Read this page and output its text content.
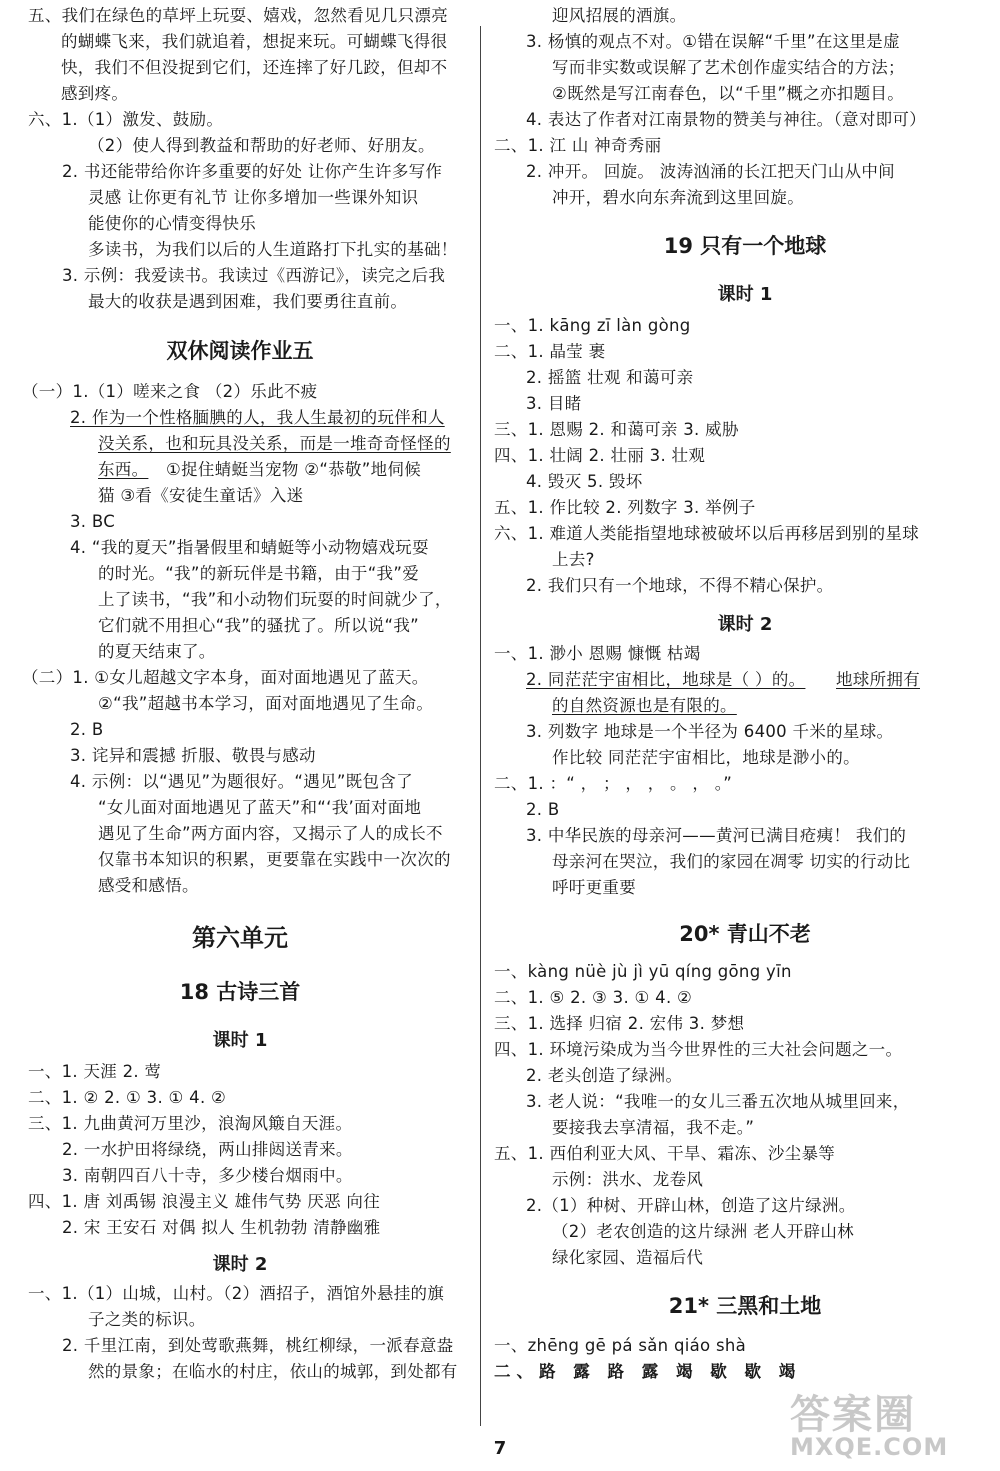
五、我们在绿色的草坪上玩耍、嬉戏，忽然看见几只漂亮
的蝴蝶飞来，我们就追着，想捉来玩。可蝴蝶飞得很
快，我们不但没捉到它们，还连摔了好几跤，但却不
感到疼。
六、1.（1）激发、鼓励。
（2）使人得到教益和帮助的好老师、好朋友。
2. 书还能带给你许多重要的好处 让你产生许多写作
灵感 让你更有礼节 让你多增加一些课外知识
能使你的心情变得快乐
多读书，为我们以后的人生道路打下扎实的基础！
3. 示例：我爱读书。我读过《西游记》，读完之后我
最大的收获是遇到困难，我们要勇往直前。
双休阅读作业五
（一）1.（1）嗟来之食 （2）乐此不疲
2. 作为一个性格腼腆的人，我人生最初的玩伴和人
没关系，也和玩具没关系，而是一堆奇奇怪怪的
东西。 ①捉住蜻蜓当宠物 ②“恭敬”地伺候
猫 ③看《安徒生童话》入迷
3. BC
4. “我的夏天”指暑假里和蜻蜓等小动物嬉戏玩耍
的时光。“我”的新玩伴是书籍，由于“我”爱
上了读书，“我”和小动物们玩耍的时间就少了，
它们就不用担心“我”的骚扰了。所以说“我”
的夏天结束了。
（二）1. ①女儿超越文字本身，面对面地遇见了蓝天。
②“我”超越书本学习，面对面地遇见了生命。
2. B
3. 诧异和震撼 折服、敬畏与感动
4. 示例：以“遇见”为题很好。“遇见”既包含了
“女儿面对面地遇见了蓝天”和“‘我’面对面地
遇见了生命”两方面内容，又揭示了人的成长不
仅靠书本知识的积累，更要靠在实践中一次次的
感受和感悟。
第六单元
18 古诗三首
课时 1
一、1. 天涯 2. 莺
二、1. ② 2. ① 3. ① 4. ②
三、1. 九曲黄河万里沙，浪淘风簸自天涯。
2. 一水护田将绿绕，两山排闼送青来。
3. 南朝四百八十寺，多少楼台烟雨中。
四、1. 唐 刘禹锡 浪漫主义 雄伟气势 厌恶 向往
2. 宋 王安石 对偶 拟人 生机勃勃 清静幽雅
课时 2
一、1.（1）山城，山村。（2）酒招子，酒馆外悬挂的旗
子之类的标识。
2. 千里江南，到处莺歌燕舞，桃红柳绿，一派春意盎
然的景象；在临水的村庄，依山的城郭，到处都有
迎风招展的酒旗。
3. 杨慎的观点不对。①错在误解“千里”在这里是虚
写而非实数或误解了艺术创作虚实结合的方法；
②既然是写江南春色，以“千里”概之亦扣题目。
4. 表达了作者对江南景物的赞美与神往。（意对即可）
二、1. 江 山 神奇秀丽
2. 冲开。 回旋。 波涛汹涌的长江把天门山从中间
冲开，碧水向东奔流到这里回旋。
19 只有一个地球
课时 1
一、1. kāng zī làn gòng
二、1. 晶莹 裹
2. 摇篮 壮观 和蔼可亲
3. 目睹
三、1. 恩赐 2. 和蔼可亲 3. 威胁
四、1. 壮阔 2. 壮丽 3. 壮观
4. 毁灭 5. 毁坏
五、1. 作比较 2. 列数字 3. 举例子
六、1. 难道人类能指望地球被破坏以后再移居到别的星球
上去?
2. 我们只有一个地球，不得不精心保护。
课时 2
一、1. 渺小 恩赐 慷慨 枯竭
2. 同茫茫宇宙相比，地球是（ ）的。 地球所拥有
的自然资源也是有限的。
3. 列数字 地球是一个半径为 6400 千米的星球。
作比较 同茫茫宇宙相比，地球是渺小的。
二、1. ：“ ， ； ， ， 。 ， 。”
2. B
3. 中华民族的母亲河——黄河已满目疮痍！ 我们的
母亲河在哭泣，我们的家园在凋零 切实的行动比
呼吁更重要
20* 青山不老
一、kàng nüè jù jì yū qíng gōng yīn
二、1. ⑤ 2. ③ 3. ① 4. ②
三、1. 选择 归宿 2. 宏伟 3. 梦想
四、1. 环境污染成为当今世界性的三大社会问题之一。
2. 老头创造了绿洲。
3. 老人说：“我唯一的女儿三番五次地从城里回来，
要接我去享清福，我不走。”
五、1. 西伯利亚大风、干旱、霜冻、沙尘暴等
示例：洪水、龙卷风
2.（1）种树、开辟山林，创造了这片绿洲。
（2）老农创造的这片绿洲 老人开辟山林
绿化家园、造福后代
21* 三黑和土地
一、zhēng gē pá sǎn qiáo shà
二、路 露 路 露 竭 歇 歇 竭
7
答案圈
MXQE.COM
